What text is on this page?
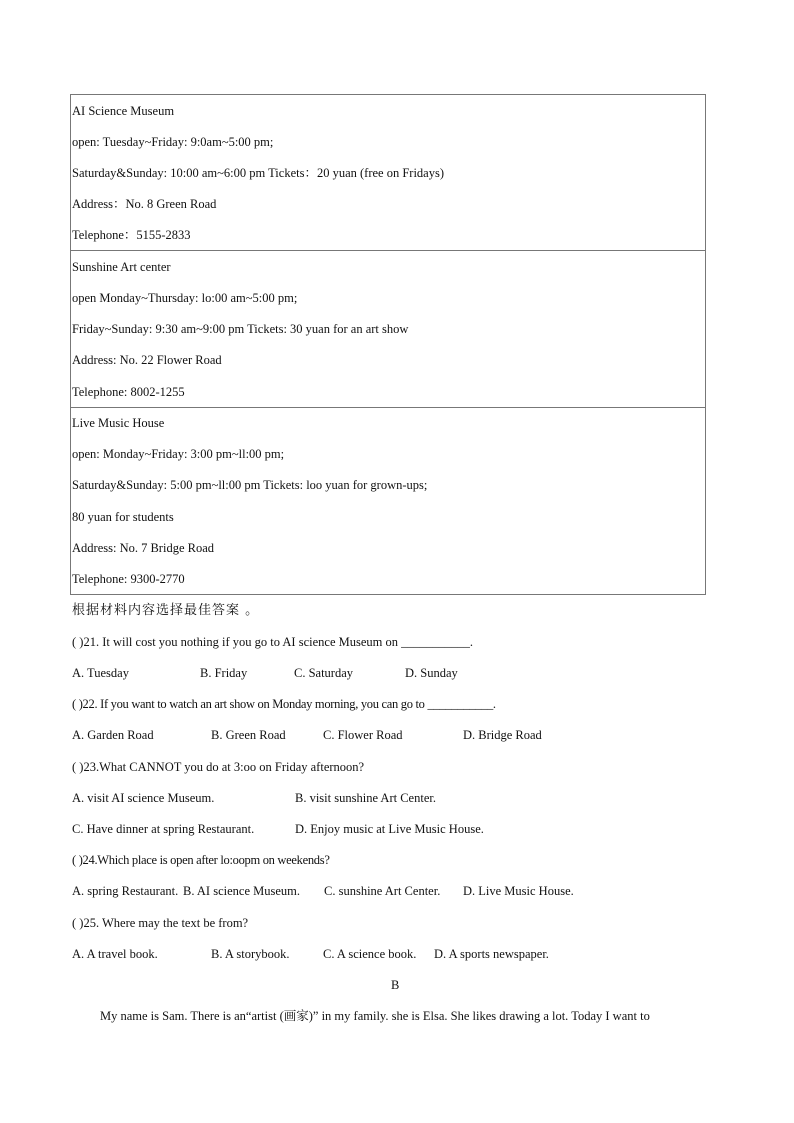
AI Science Museum
open: Tuesday~Friday: 9:0am~5:00 pm;
Saturday&Sunday: 10:00 am~6:00 pm Tickets：20 yuan (free on Fridays)
Address：No. 8 Green Road
Telephone：5155-2833
Sunshine Art center
open Monday~Thursday: lo:00 am~5:00 pm;
Friday~Sunday: 9:30 am~9:00 pm Tickets: 30 yuan for an art show
Address: No. 22 Flower Road
Telephone: 8002-1255
Live Music House
open: Monday~Friday: 3:00 pm~ll:00 pm;
Saturday&Sunday: 5:00 pm~ll:00 pm Tickets: loo yuan for grown-ups;
80 yuan for students
Address: No. 7 Bridge Road
Telephone: 9300-2770
根据材料内容选择最佳答案 。
( )21. It will cost you nothing if you go to AI science Museum on ___________.
A. Tuesday	B. Friday	C. Saturday	D. Sunday
( )22. If you want to watch an art show on Monday morning, you can go to ___________.
A. Garden Road	B. Green Road	C. Flower Road	D. Bridge Road
( )23.What CANNOT you do at 3:oo on Friday afternoon?
A. visit AI science Museum.	B. visit sunshine Art Center.
C. Have dinner at spring Restaurant.	D. Enjoy music at Live Music House.
( )24.Which place is open after lo:oopm on weekends?
A. spring Restaurant. B. AI science Museum. C. sunshine Art Center. D. Live Music House.
( )25. Where may the text be from?
A. A travel book.	B. A storybook.	C. A science book. D. A sports newspaper.
B
My name is Sam. There is an“artist (画家)” in my family. she is Elsa. She likes drawing a lot. Today I want to
